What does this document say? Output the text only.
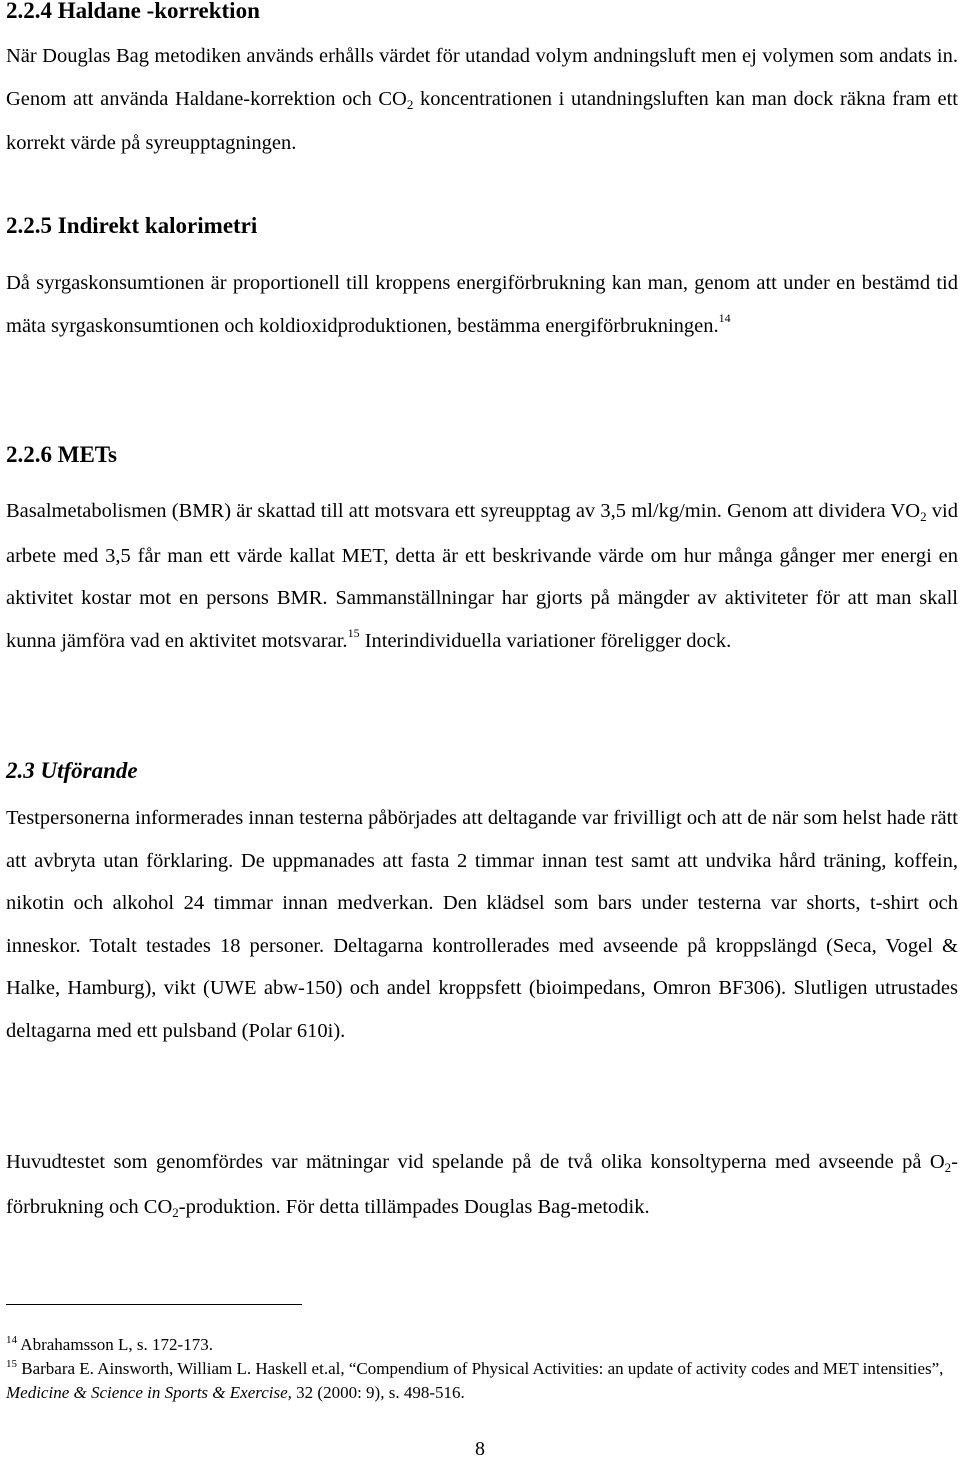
2.2.4 Haldane -korrektion

När Douglas Bag metodiken används erhålls värdet för utandad volym andningsluft men ej volymen som andats in. Genom att använda Haldane-korrektion och CO2 koncentrationen i utandningsluften kan man dock räkna fram ett korrekt värde på syreupptagningen.

2.2.5 Indirekt kalorimetri

Då syrgaskonsumtionen är proportionell till kroppens energiförbrukning kan man, genom att under en bestämd tid mäta syrgaskonsumtionen och koldioxidproduktionen, bestämma energiförbrukningen.$^{14}$

2.2.6 METs

Basalmetabolismen (BMR) är skattad till att motsvara ett syreupptag av 3,5 ml/kg/min. Genom att dividera VO2 vid arbete med 3,5 får man ett värde kallat MET, detta är ett beskrivande värde om hur många gånger mer energi en aktivitet kostar mot en persons BMR. Sammanställningar har gjorts på mängder av aktiviteter för att man skall kunna jämföra vad en aktivitet motsvarar.$^{15}$ Interindividuella variationer föreligger dock.

2.3 Utförande

Testpersonerna informerades innan testerna påbörjades att deltagande var frivilligt och att de när som helst hade rätt att avbryta utan förklaring. De uppmanades att fasta 2 timmar innan test samt att undvika hård träning, koffein, nikotin och alkohol 24 timmar innan medverkan. Den klädsel som bars under testerna var shorts, t-shirt och inneskor. Totalt testades 18 personer. Deltagarna kontrollerades med avseende på kroppslängd (Seca, Vogel & Halke, Hamburg), vikt (UWE abw-150) och andel kroppsfett (bioimpedans, Omron BF306). Slutligen utrustades deltagarna med ett pulsband (Polar 610i).

Huvudtestet som genomfördes var mätningar vid spelande på de två olika konsoltyperna med avseende på O2-förbrukning och CO2-produktion. För detta tillämpades Douglas Bag-metodik.

$^{14}$ Abrahamsson L, s. 172-173.
$^{15}$ Barbara E. Ainsworth, William L. Haskell et.al, “Compendium of Physical Activities: an update of activity codes and MET intensities”, Medicine & Science in Sports & Exercise, 32 (2000: 9), s. 498-516.
8
